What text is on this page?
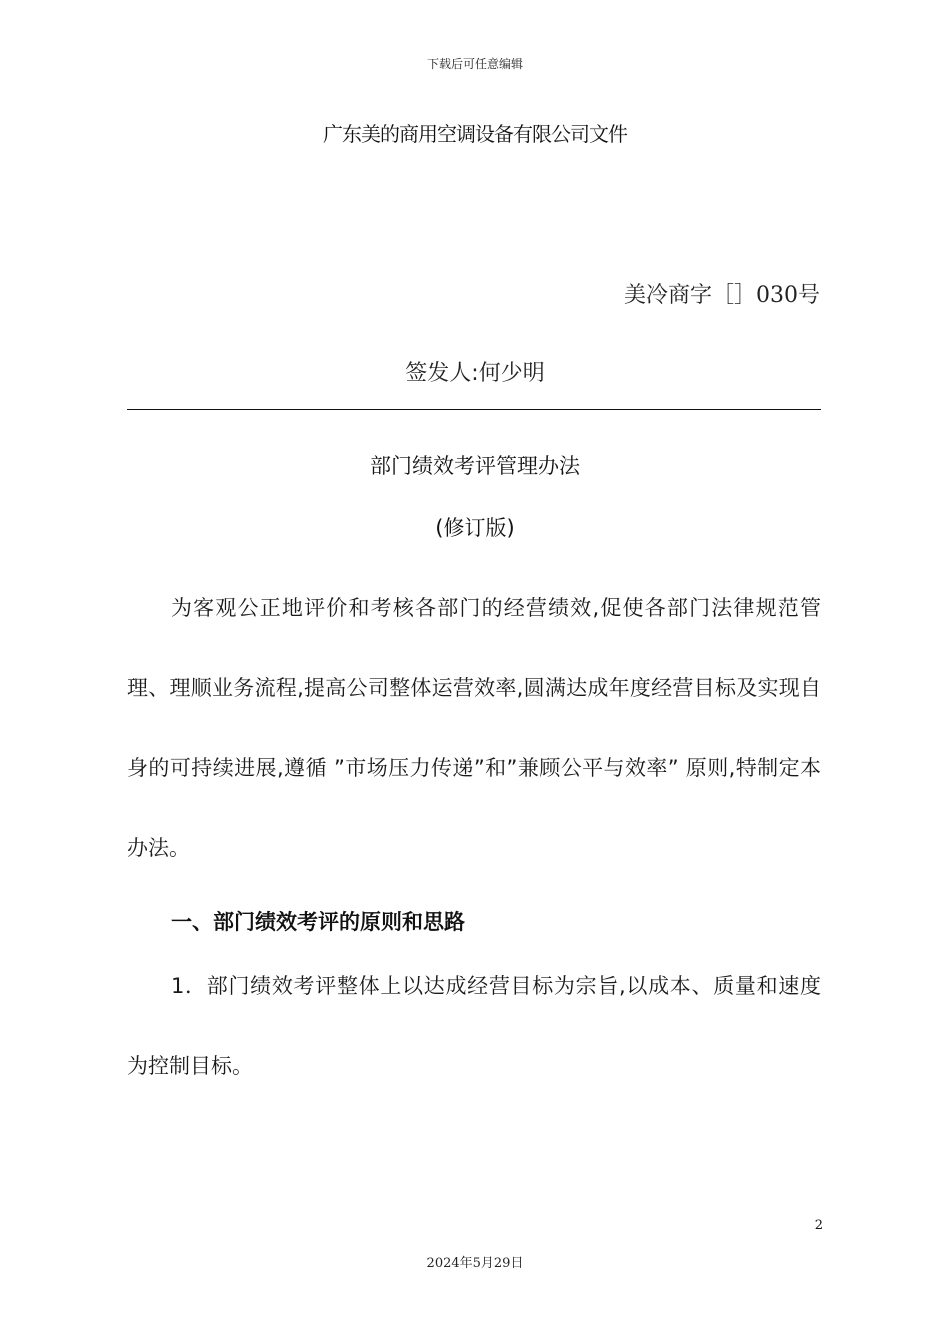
下载后可任意编辑
广东美的商用空调设备有限公司文件
美冷商字［］030号
签发人:何少明
部门绩效考评管理办法
(修订版)

为客观公正地评价和考核各部门的经营绩效,促使各部门法律规范管理、理顺业务流程,提高公司整体运营效率,圆满达成年度经营目标及实现自身的可持续进展,遵循 ”市场压力传递”和”兼顾公平与效率” 原则,特制定本办法。

一、部门绩效考评的原则和思路

1．部门绩效考评整体上以达成经营目标为宗旨,以成本、质量和速度为控制目标。

2
2024年5月29日
